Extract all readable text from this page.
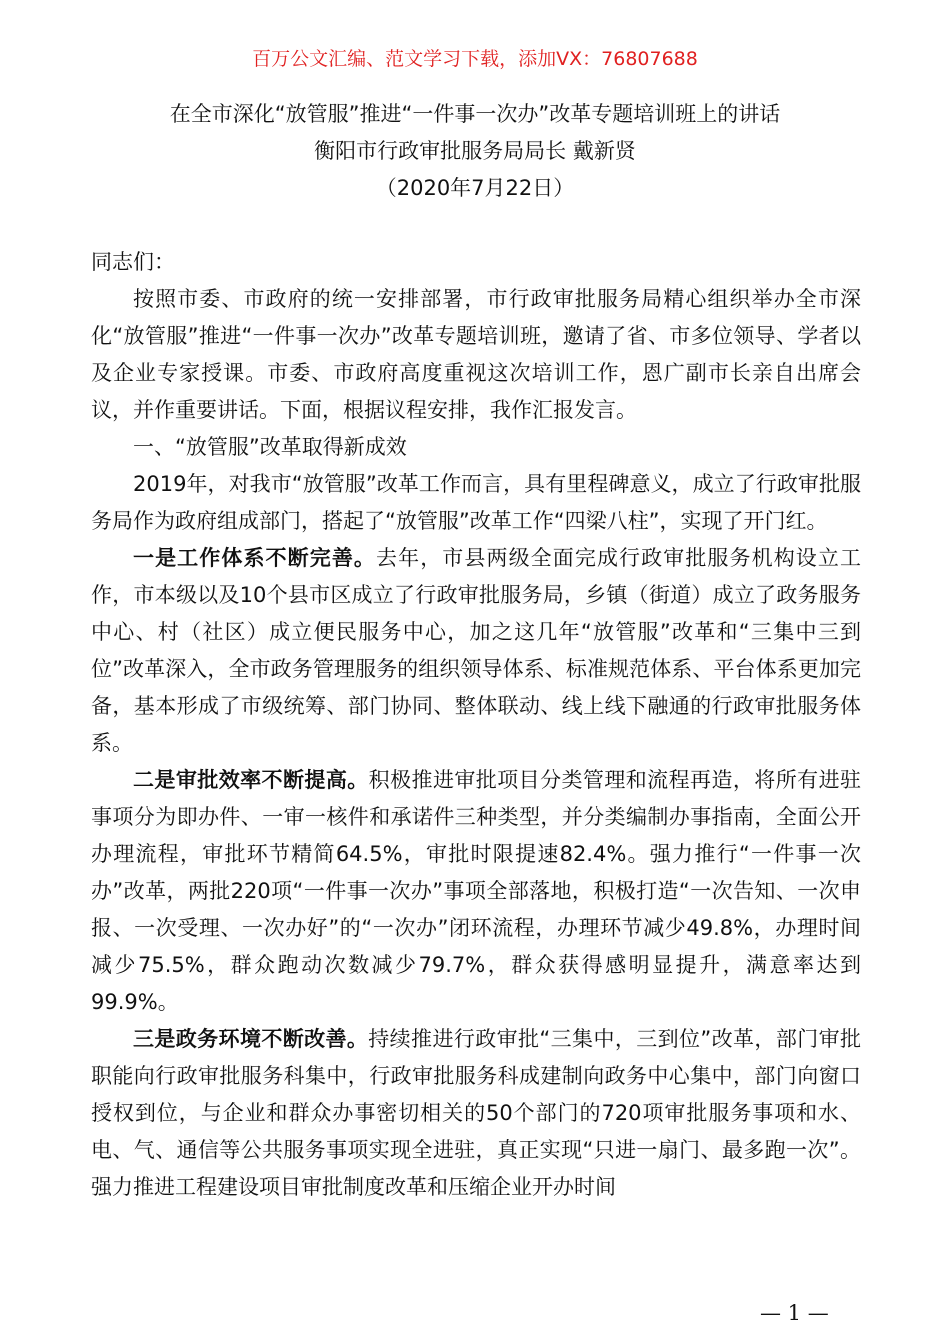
百万公文汇编、范文学习下载，添加VX：76807688
在全市深化“放管服”推进“一件事一次办”改革专题培训班上的讲话
衡阳市行政审批服务局局长 戴新贤
（2020年7月22日）

同志们：

按照市委、市政府的统一安排部署，市行政审批服务局精心组织举办全市深化“放管服”推进“一件事一次办”改革专题培训班，邀请了省、市多位领导、学者以及企业专家授课。市委、市政府高度重视这次培训工作，恩广副市长亲自出席会议，并作重要讲话。下面，根据议程安排，我作汇报发言。

一、“放管服”改革取得新成效

2019年，对我市“放管服”改革工作而言，具有里程碑意义，成立了行政审批服务局作为政府组成部门，搭起了“放管服”改革工作“四梁八柱”，实现了开门红。

一是工作体系不断完善。去年，市县两级全面完成行政审批服务机构设立工作，市本级以及10个县市区成立了行政审批服务局，乡镇（街道）成立了政务服务中心、村（社区）成立便民服务中心，加之这几年“放管服”改革和“三集中三到位”改革深入，全市政务管理服务的组织领导体系、标准规范体系、平台体系更加完备，基本形成了市级统筹、部门协同、整体联动、线上线下融通的行政审批服务体系。

二是审批效率不断提高。积极推进审批项目分类管理和流程再造，将所有进驻事项分为即办件、一审一核件和承诺件三种类型，并分类编制办事指南，全面公开办理流程，审批环节精简64.5%，审批时限提速82.4%。强力推行“一件事一次办”改革，两批220项“一件事一次办”事项全部落地，积极打造“一次告知、一次申报、一次受理、一次办好”的“一次办”闭环流程，办理环节减少49.8%，办理时间减少75.5%，群众跑动次数减少79.7%，群众获得感明显提升，满意率达到99.9%。

三是政务环境不断改善。持续推进行政审批“三集中，三到位”改革，部门审批职能向行政审批服务科集中，行政审批服务科成建制向政务中心集中，部门向窗口授权到位，与企业和群众办事密切相关的50个部门的720项审批服务事项和水、电、气、通信等公共服务事项实现全进驻，真正实现“只进一扇门、最多跑一次”。强力推进工程建设项目审批制度改革和压缩企业开办时间

— 1 —
